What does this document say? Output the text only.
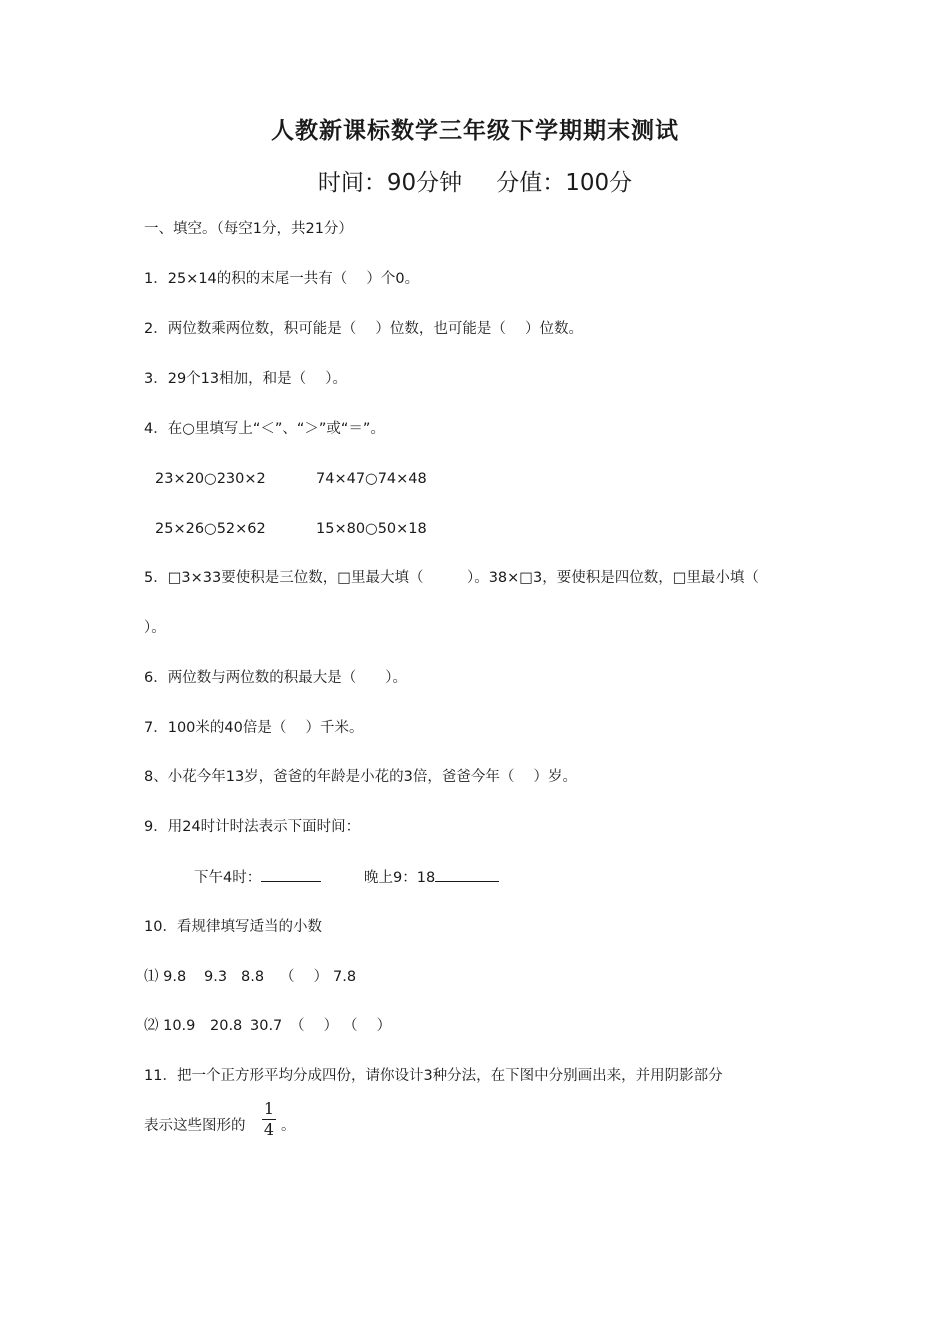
人教新课标数学三年级下学期期末测试
时间：90分钟 分值：100分
一、填空。（每空1分，共21分）
1．25×14的积的末尾一共有（　 ）个0。
2．两位数乘两位数，积可能是（　 ）位数，也可能是（　 ）位数。
3．29个13相加，和是（　 ）。
4．在○里填写上“＜”、“＞”或“＝”。
23×20○230×2	74×47○74×48
25×26○52×62	15×80○50×18
5．□3×33要使积是三位数，□里最大填（　　　）。38×□3，要使积是四位数，□里最小填（
）。
6．两位数与两位数的积最大是（　　）。
7．100米的40倍是（　 ）千米。
8、小花今年13岁，爸爸的年龄是小花的3倍，爸爸今年（　 ）岁。
9．用24时计时法表示下面时间：
下午4时：	晚上9：18
10．看规律填写适当的小数
⑴ 9.8 9.3 8.8 （　 ） 7.8
⑵ 10.9 20.8 30.7 （　 ） （　 ）
11．把一个正方形平均分成四份，请你设计3种分法，在下图中分别画出来，并用阴影部分
表示这些图形的
1
4 。
